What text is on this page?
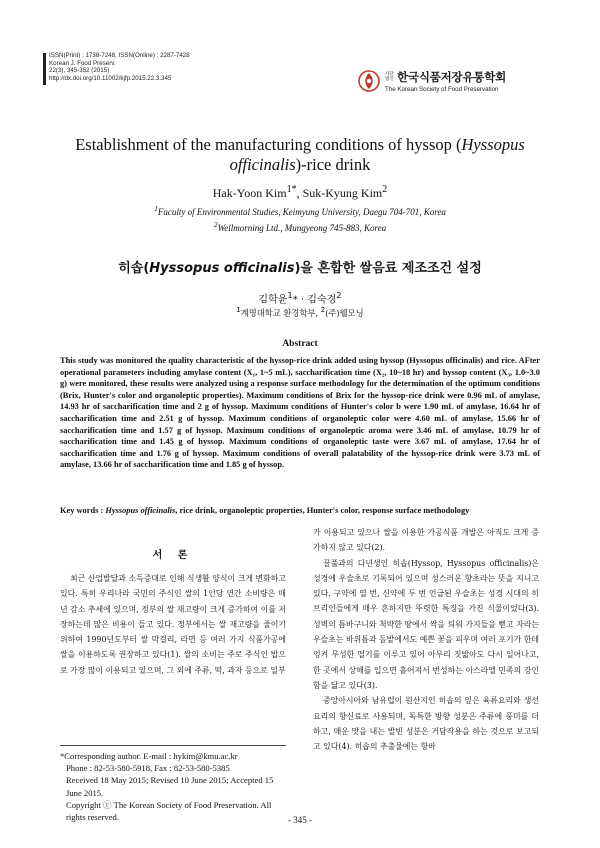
ISSN(Print) : 1738-7248, ISSN(Online) : 2287-7428
Korean J. Food Preserv.
22(3), 345-352 (2015)
http://dx.doi.org/10.11002/kjfp.2015.22.3.345
사단법인 한국식품저장유통학회
The Korean Society of Food Preservation
Establishment of the manufacturing conditions of hyssop (Hyssopus officinalis)-rice drink
Hak-Yoon Kim$^{1*}$, Suk-Kyung Kim$^2$
$^1$Faculty of Environmental Studies, Keimyung University, Daegu 704-701, Korea
$^2$Wellmorning Ltd., Mungyeong 745-883, Korea
히솝(Hyssopus officinalis)을 혼합한 쌀음료 제조조건 설정
김학윤$^1$* · 김숙경$^2$
$^1$계명대학교 환경학부, $^2$(주)웰모닝
Abstract
This study was monitored the quality characteristic of the hyssop-rice drink added using hyssop (Hyssopus officinalis) and rice. AFter operational parameters including amylase content (X₁, 1~5 mL), saccharification time (X₂, 10~18 hr) and hyssop content (X₃, 1.0~3.0 g) were monitored, these results were analyzed using a response surface methodology for the determination of the optimum conditions (Brix, Hunter's color and organoleptic properties). Maximum conditions of Brix for the hyssop-rice drink were 0.96 mL of amylase, 14.93 hr of saccharification time and 2 g of hyssop. Maximum conditions of Hunter's color b were 1.90 mL of amylase, 16.64 hr of saccharification time and 2.51 g of hyssop. Maximum conditions of organoleptic color were 4.60 mL of amylase, 15.66 hr of saccharification time and 1.57 g of hyssop. Maximum conditions of organoleptic aroma were 3.46 mL of amylase, 10.79 hr of saccharification time and 1.45 g of hyssop. Maximum conditions of organoleptic taste were 3.67 mL of amylase, 17.64 hr of saccharification time and 1.76 g of hyssop. Maximum conditions of overall palatability of the hyssop-rice drink were 3.73 mL of amylase, 13.66 hr of saccharification time and 1.85 g of hyssop.
Key words : Hyssopus officinalis, rice drink, organoleptic properties, Hunter's color, response surface methodology
서 론

최근 산업발달과 소득증대로 인해 식생활 양식이 크게 변화하고 있다. 특히 우리나라 국민의 주식인 쌀의 1인당 연간 소비량은 매년 감소 추세에 있으며, 정부의 쌀 재고량이 크게 증가하여 이를 저장하는데 많은 비용이 들고 있다. 정부에서는 쌀 재고량을 줄이기 위하여 1990년도부터 쌀 막걸리, 라면 등 여러 가지 식품가공에 쌀을 이용하도록 권장하고 있다(1). 쌀의 소비는 주로 주식인 밥으로 가장 많이 이용되고 있으며, 그 외에 주류, 떡, 과자 등으로 일부

가 이용되고 있으나 쌀을 이용한 가공식품 개발은 아직도 크게 증가하지 않고 있다(2).

꿀풀과의 다년생인 히솝(Hyssop, Hyssopus officinalis)은 성경에 우슬초로 기록되어 있으며 성스러운 향초라는 뜻을 지니고 있다. 구약에 열 번, 신약에 두 번 언급된 우슬초는 성경 시대의 히브리인들에게 매우 흔하지만 뚜렷한 특징을 가진 식물이었다(3). 성벽의 틈바구니와 척박한 땅에서 싹을 틔워 가지들을 뻗고 자라는 우슬초는 바위틈과 돌밭에서도 예쁜 꽃을 피우며 여러 포기가 한데 엉켜 무성한 떨기를 이루고 있어 아무리 짓밟아도 다시 일어나고, 한 곳에서 상해를 입으면 흩어져서 번성하는 이스라엘 민족의 강인함을 닮고 있다(3).

중앙아시아와 남유럽이 원산지인 히솝의 잎은 육류요리와 생선요리의 향신료로 사용되며, 독특한 방향 성분은 주류에 풍미를 더하고, 매운 맛을 내는 발빈 성분은 거담작용을 하는 것으로 보고되고 있다(4). 히솝의 추출물에는 항바

*Corresponding author. E-mail : hykim@kmu.ac.kr
Phone : 82-53-580-5918, Fax : 82-53-580-5385
Received 18 May 2015; Revised 10 June 2015; Accepted 15 June 2015.
Copyright ⓒ The Korean Society of Food Preservation. All rights reserved.	- 345 -
